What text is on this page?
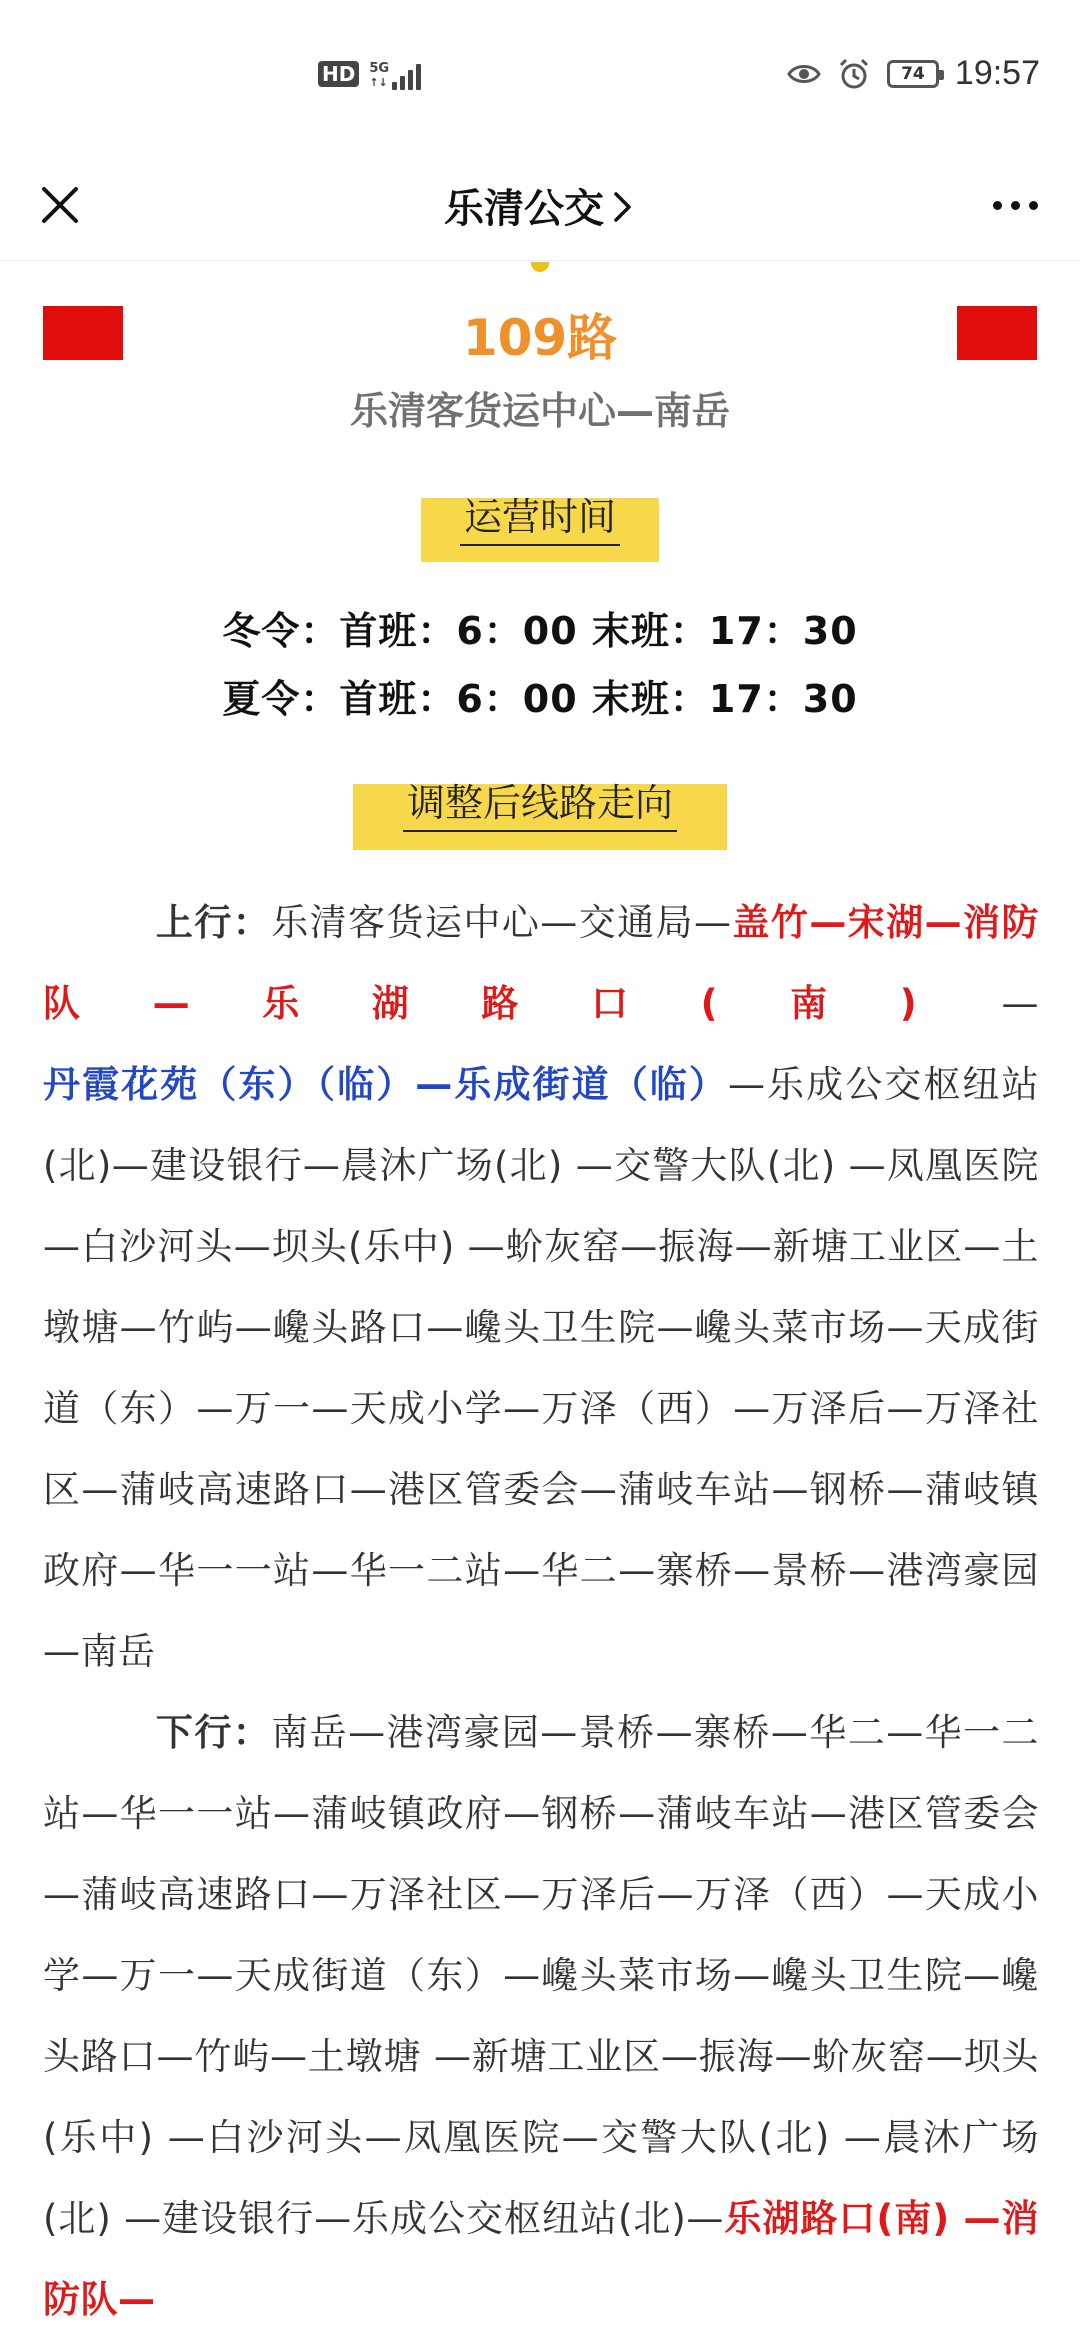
HD	5G
↑↓	74 19:57
乐清公交
109路
乐清客货运中心—南岳
运营时间
冬令：首班：6：00 末班：17：30
夏令：首班：6：00 末班：17：30
调整后线路走向

上行：乐清客货运中心—交通局—盖竹—宋湖—消防队—乐湖路口(南) —丹霞花苑（东）（临）—乐成街道（临）—乐成公交枢纽站(北)—建设银行—晨沐广场(北) —交警大队(北) —凤凰医院—白沙河头—坝头(乐中) —蚧灰窑—振海—新塘工业区—土墩塘—竹屿—巉头路口—巉头卫生院—巉头菜市场—天成街道（东）—万一—天成小学—万泽（西）—万泽后—万泽社区—蒲岐高速路口—港区管委会—蒲岐车站—钢桥—蒲岐镇政府—华一一站—华一二站—华二—寨桥—景桥—港湾豪园—南岳

下行：南岳—港湾豪园—景桥—寨桥—华二—华一二站—华一一站—蒲岐镇政府—钢桥—蒲岐车站—港区管委会—蒲岐高速路口—万泽社区—万泽后—万泽（西）—天成小学—万一—天成街道（东）—巉头菜市场—巉头卫生院—巉头路口—竹屿—土墩塘 —新塘工业区—振海—蚧灰窑—坝头(乐中) —白沙河头—凤凰医院—交警大队(北) —晨沐广场(北) —建设银行—乐成公交枢纽站(北)—乐湖路口(南) —消防队—
